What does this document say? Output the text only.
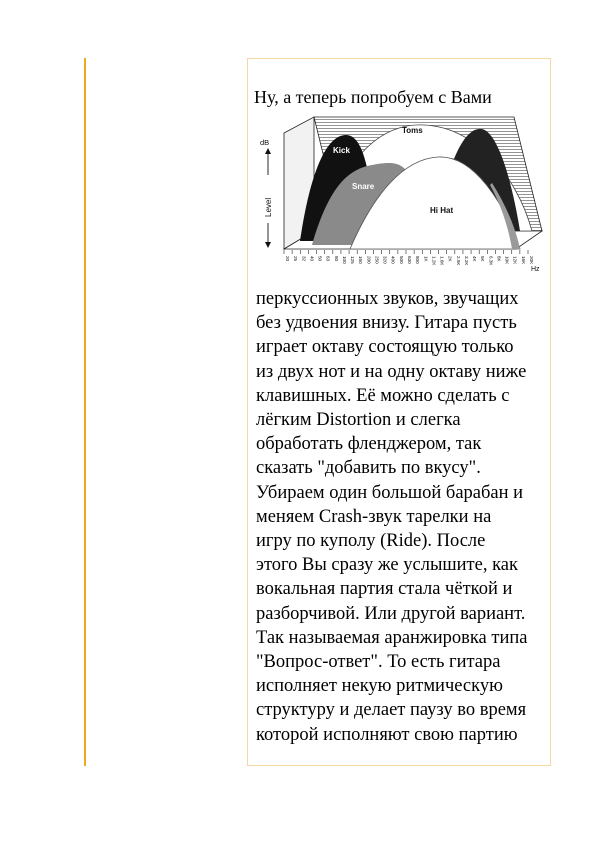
Ну, а теперь попробуем с Вами
Kick
Toms
Snare
Hi Hat
dB
Level
20 25 32 40 50 63 80 100 125 160 200 250 320 400 500 630 800 1K 1.2K 1.6K 2K 2.5K 3.2K 4K 5K 6.3K 8K 10K 12K 16K 20K
Hz
перкуссионных звуков, звучащих
без удвоения внизу. Гитара пусть
играет октаву состоящую только
из двух нот и на одну октаву ниже
клавишных. Её можно сделать с
лёгким Distortion и слегка
обработать фленджером, так
сказать "добавить по вкусу".
Убираем один большой барабан и
меняем Crash-звук тарелки на
игру по куполу (Ride). После
этого Вы сразу же услышите, как
вокальная партия стала чёткой и
разборчивой. Или другой вариант.
Так называемая аранжировка типа
"Вопрос-ответ". То есть гитара
исполняет некую ритмическую
структуру и делает паузу во время
которой исполняют свою партию
